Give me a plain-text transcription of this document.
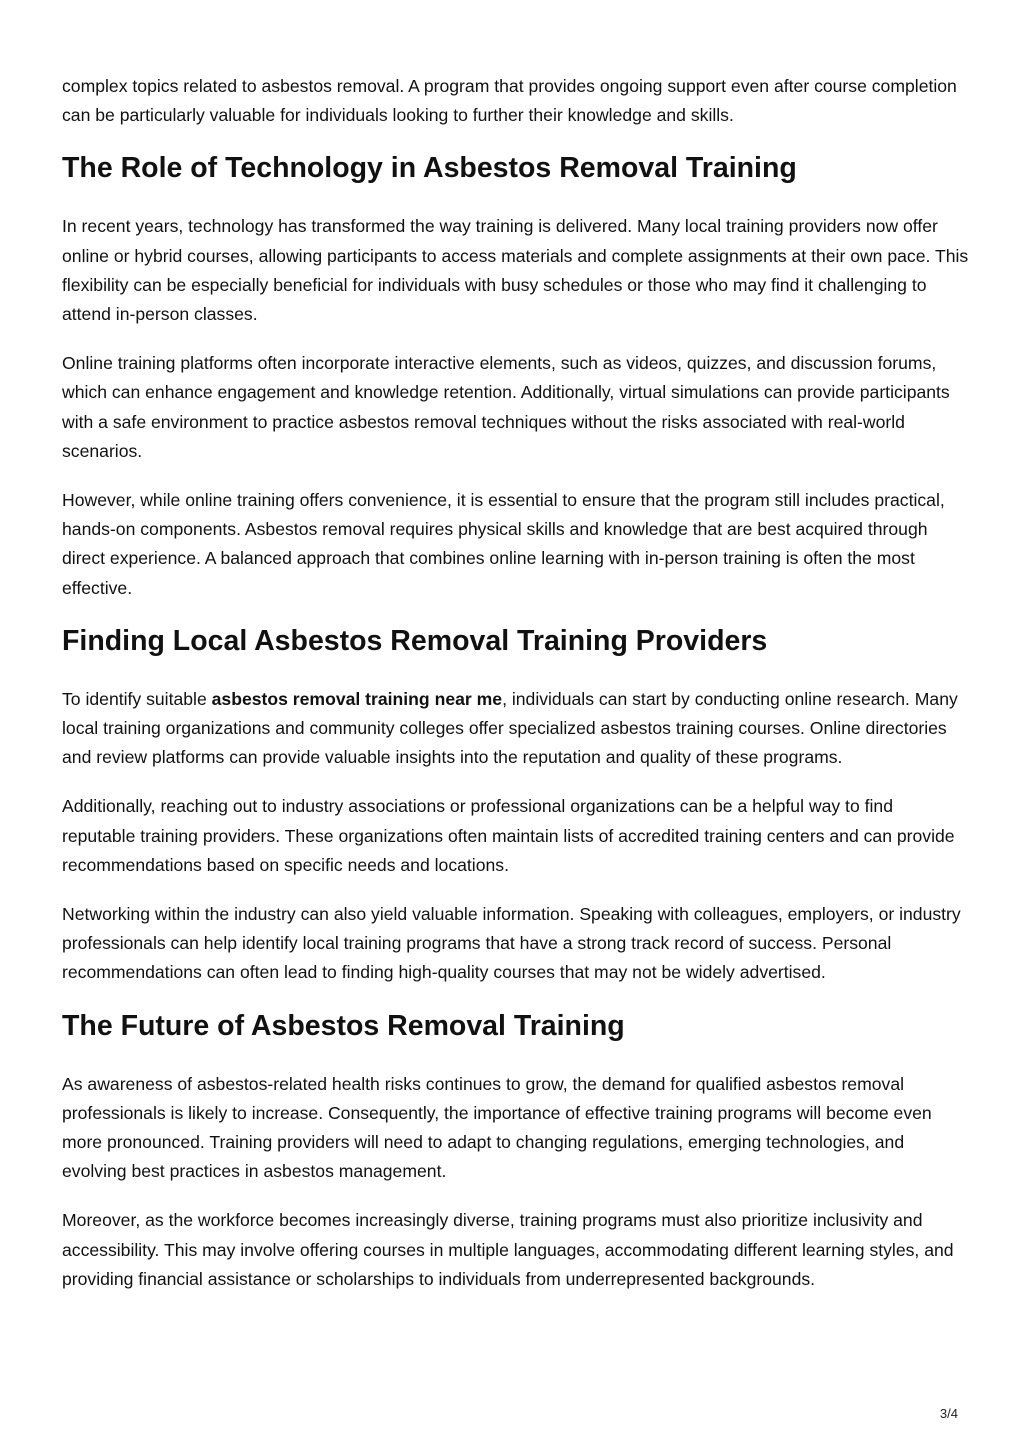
complex topics related to asbestos removal. A program that provides ongoing support even after course completion can be particularly valuable for individuals looking to further their knowledge and skills.

The Role of Technology in Asbestos Removal Training

In recent years, technology has transformed the way training is delivered. Many local training providers now offer online or hybrid courses, allowing participants to access materials and complete assignments at their own pace. This flexibility can be especially beneficial for individuals with busy schedules or those who may find it challenging to attend in-person classes.

Online training platforms often incorporate interactive elements, such as videos, quizzes, and discussion forums, which can enhance engagement and knowledge retention. Additionally, virtual simulations can provide participants with a safe environment to practice asbestos removal techniques without the risks associated with real-world scenarios.

However, while online training offers convenience, it is essential to ensure that the program still includes practical, hands-on components. Asbestos removal requires physical skills and knowledge that are best acquired through direct experience. A balanced approach that combines online learning with in-person training is often the most effective.

Finding Local Asbestos Removal Training Providers

To identify suitable asbestos removal training near me, individuals can start by conducting online research. Many local training organizations and community colleges offer specialized asbestos training courses. Online directories and review platforms can provide valuable insights into the reputation and quality of these programs.

Additionally, reaching out to industry associations or professional organizations can be a helpful way to find reputable training providers. These organizations often maintain lists of accredited training centers and can provide recommendations based on specific needs and locations.

Networking within the industry can also yield valuable information. Speaking with colleagues, employers, or industry professionals can help identify local training programs that have a strong track record of success. Personal recommendations can often lead to finding high-quality courses that may not be widely advertised.

The Future of Asbestos Removal Training

As awareness of asbestos-related health risks continues to grow, the demand for qualified asbestos removal professionals is likely to increase. Consequently, the importance of effective training programs will become even more pronounced. Training providers will need to adapt to changing regulations, emerging technologies, and evolving best practices in asbestos management.

Moreover, as the workforce becomes increasingly diverse, training programs must also prioritize inclusivity and accessibility. This may involve offering courses in multiple languages, accommodating different learning styles, and providing financial assistance or scholarships to individuals from underrepresented backgrounds.

3/4
